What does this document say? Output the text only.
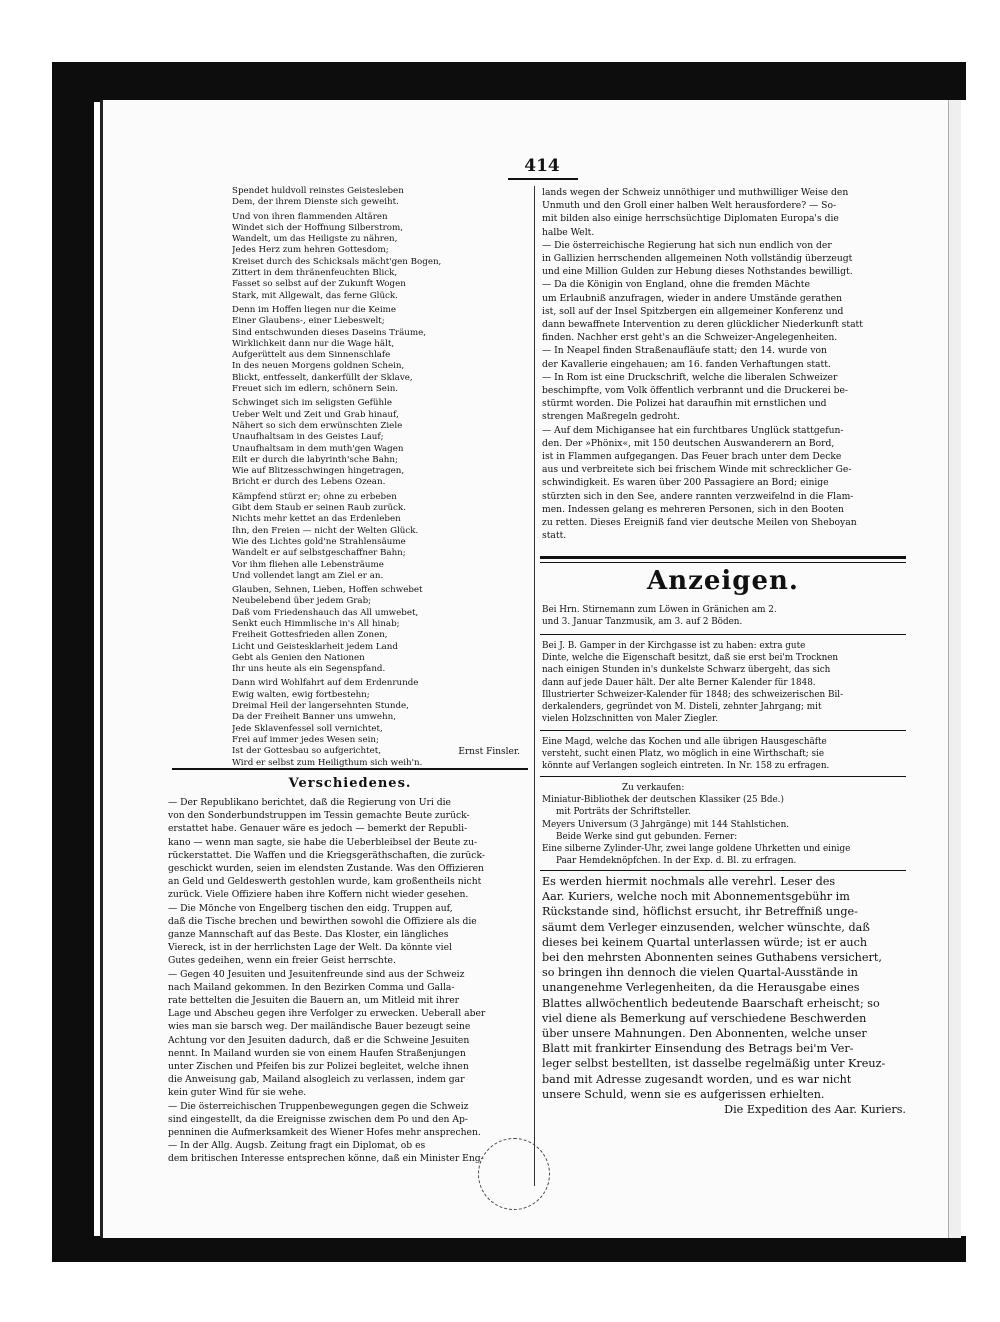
414
Spendet huldvoll reinstes Geistesleben
Dem, der ihrem Dienste sich geweiht.
Und von ihren flammenden Altären
Windet sich der Hoffnung Silberstrom,
Wandelt, um das Heiligste zu nähren,
Jedes Herz zum hehren Gottesdom;
Kreiset durch des Schicksals mächt'gen Bogen,
Zittert in dem thränenfeuchten Blick,
Fasset so selbst auf der Zukunft Wogen
Stark, mit Allgewalt, das ferne Glück.
Denn im Hoffen liegen nur die Keime
Einer Glaubens-, einer Liebeswelt;
Sind entschwunden dieses Daseins Träume,
Wirklichkeit dann nur die Wage hält,
Aufgerüttelt aus dem Sinnenschlafe
In des neuen Morgens goldnen Schein,
Blickt, entfesselt, dankerfüllt der Sklave,
Freuet sich im edlern, schönern Sein.
Schwinget sich im seligsten Gefühle
Ueber Welt und Zeit und Grab hinauf,
Nähert so sich dem erwünschten Ziele
Unaufhaltsam in des Geistes Lauf;
Unaufhaltsam in dem muth'gen Wagen
Eilt er durch die labyrinth'sche Bahn;
Wie auf Blitzesschwingen hingetragen,
Bricht er durch des Lebens Ozean.
Kämpfend stürzt er; ohne zu erbeben
Gibt dem Staub er seinen Raub zurück.
Nichts mehr kettet an das Erdenleben
Ihn, den Freien — nicht der Welten Glück.
Wie des Lichtes gold'ne Strahlensäume
Wandelt er auf selbstgeschaffner Bahn;
Vor ihm fliehen alle Lebensträume
Und vollendet langt am Ziel er an.
Glauben, Sehnen, Lieben, Hoffen schwebet
Neubelebend über jedem Grab;
Daß vom Friedenshauch das All umwebet,
Senkt euch Himmlische in's All hinab;
Freiheit Gottesfrieden allen Zonen,
Licht und Geistesklarheit jedem Land
Gebt als Genien den Nationen
Ihr uns heute als ein Segenspfand.
Dann wird Wohlfahrt auf dem Erdenrunde
Ewig walten, ewig fortbestehn;
Dreimal Heil der langersehnten Stunde,
Da der Freiheit Banner uns umwehn,
Jede Sklavenfessel soll vernichtet,
Frei auf immer jedes Wesen sein;
Ist der Gottesbau so aufgerichtet,
Wird er selbst zum Heiligthum sich weih'n.
Ernst Finsler.
Verschiedenes.
— Der Republikano berichtet, daß die Regierung von Uri die
von den Sonderbundstruppen im Tessin gemachte Beute zurück-
erstattet habe. Genauer wäre es jedoch — bemerkt der Republi-
kano — wenn man sagte, sie habe die Ueberbleibsel der Beute zu-
rückerstattet. Die Waffen und die Kriegsgeräthschaften, die zurück-
geschickt wurden, seien im elendsten Zustande. Was den Offizieren
an Geld und Geldeswerth gestohlen wurde, kam großentheils nicht
zurück. Viele Offiziere haben ihre Koffern nicht wieder gesehen.
— Die Mönche von Engelberg tischen den eidg. Truppen auf,
daß die Tische brechen und bewirthen sowohl die Offiziere als die
ganze Mannschaft auf das Beste. Das Kloster, ein längliches
Viereck, ist in der herrlichsten Lage der Welt. Da könnte viel
Gutes gedeihen, wenn ein freier Geist herrschte.
— Gegen 40 Jesuiten und Jesuitenfreunde sind aus der Schweiz
nach Mailand gekommen. In den Bezirken Comma und Galla-
rate bettelten die Jesuiten die Bauern an, um Mitleid mit ihrer
Lage und Abscheu gegen ihre Verfolger zu erwecken. Ueberall aber
wies man sie barsch weg. Der mailändische Bauer bezeugt seine
Achtung vor den Jesuiten dadurch, daß er die Schweine Jesuiten
nennt. In Mailand wurden sie von einem Haufen Straßenjungen
unter Zischen und Pfeifen bis zur Polizei begleitet, welche ihnen
die Anweisung gab, Mailand alsogleich zu verlassen, indem gar
kein guter Wind für sie wehe.
— Die österreichischen Truppenbewegungen gegen die Schweiz
sind eingestellt, da die Ereignisse zwischen dem Po und den Ap-
penninen die Aufmerksamkeit des Wiener Hofes mehr ansprechen.
— In der Allg. Augsb. Zeitung fragt ein Diplomat, ob es
dem britischen Interesse entsprechen könne, daß ein Minister Eng-
lands wegen der Schweiz unnöthiger und muthwilliger Weise den
Unmuth und den Groll einer halben Welt herausfordere? — So-
mit bilden also einige herrschsüchtige Diplomaten Europa's die
halbe Welt.
— Die österreichische Regierung hat sich nun endlich von der
in Gallizien herrschenden allgemeinen Noth vollständig überzeugt
und eine Million Gulden zur Hebung dieses Nothstandes bewilligt.
— Da die Königin von England, ohne die fremden Mächte
um Erlaubniß anzufragen, wieder in andere Umstände gerathen
ist, soll auf der Insel Spitzbergen ein allgemeiner Konferenz und
dann bewaffnete Intervention zu deren glücklicher Niederkunft statt
finden. Nachher erst geht's an die Schweizer-Angelegenheiten.
— In Neapel finden Straßenaufläufe statt; den 14. wurde von
der Kavallerie eingehauen; am 16. fanden Verhaftungen statt.
— In Rom ist eine Druckschrift, welche die liberalen Schweizer
beschimpfte, vom Volk öffentlich verbrannt und die Druckerei be-
stürmt worden. Die Polizei hat daraufhin mit ernstlichen und
strengen Maßregeln gedroht.
— Auf dem Michigansee hat ein furchtbares Unglück stattgefun-
den. Der »Phönix«, mit 150 deutschen Auswanderern an Bord,
ist in Flammen aufgegangen. Das Feuer brach unter dem Decke
aus und verbreitete sich bei frischem Winde mit schrecklicher Ge-
schwindigkeit. Es waren über 200 Passagiere an Bord; einige
stürzten sich in den See, andere rannten verzweifelnd in die Flam-
men. Indessen gelang es mehreren Personen, sich in den Booten
zu retten. Dieses Ereigniß fand vier deutsche Meilen von Sheboyan
statt.
Anzeigen.
Bei Hrn. Stirnemann zum Löwen in Gränichen am 2.
und 3. Januar Tanzmusik, am 3. auf 2 Böden.
Bei J. B. Gamper in der Kirchgasse ist zu haben: extra gute
Dinte, welche die Eigenschaft besitzt, daß sie erst bei'm Trocknen
nach einigen Stunden in's dunkelste Schwarz übergeht, das sich
dann auf jede Dauer hält. Der alte Berner Kalender für 1848.
Illustrierter Schweizer-Kalender für 1848; des schweizerischen Bil-
derkalenders, gegründet von M. Disteli, zehnter Jahrgang; mit
vielen Holzschnitten von Maler Ziegler.
Eine Magd, welche das Kochen und alle übrigen Hausgeschäfte
versteht, sucht einen Platz, wo möglich in eine Wirthschaft; sie
könnte auf Verlangen sogleich eintreten. In Nr. 158 zu erfragen.
Zu verkaufen:
Miniatur-Bibliothek der deutschen Klassiker (25 Bde.)
mit Porträts der Schriftsteller.
Meyers Universum (3 Jahrgänge) mit 144 Stahlstichen.
Beide Werke sind gut gebunden. Ferner:
Eine silberne Zylinder-Uhr, zwei lange goldene Uhrketten und einige
Paar Hemdeknöpfchen. In der Exp. d. Bl. zu erfragen.
Es werden hiermit nochmals alle verehrl. Leser des
Aar. Kuriers, welche noch mit Abonnementsgebühr im
Rückstande sind, höflichst ersucht, ihr Betreffniß unge-
säumt dem Verleger einzusenden, welcher wünschte, daß
dieses bei keinem Quartal unterlassen würde; ist er auch
bei den mehrsten Abonnenten seines Guthabens versichert,
so bringen ihn dennoch die vielen Quartal-Ausstände in
unangenehme Verlegenheiten, da die Herausgabe eines
Blattes allwöchentlich bedeutende Baarschaft erheischt; so
viel diene als Bemerkung auf verschiedene Beschwerden
über unsere Mahnungen. Den Abonnenten, welche unser
Blatt mit frankirter Einsendung des Betrags bei'm Ver-
leger selbst bestellten, ist dasselbe regelmäßig unter Kreuz-
band mit Adresse zugesandt worden, und es war nicht
unsere Schuld, wenn sie es aufgerissen erhielten.
Die Expedition des Aar. Kuriers.
